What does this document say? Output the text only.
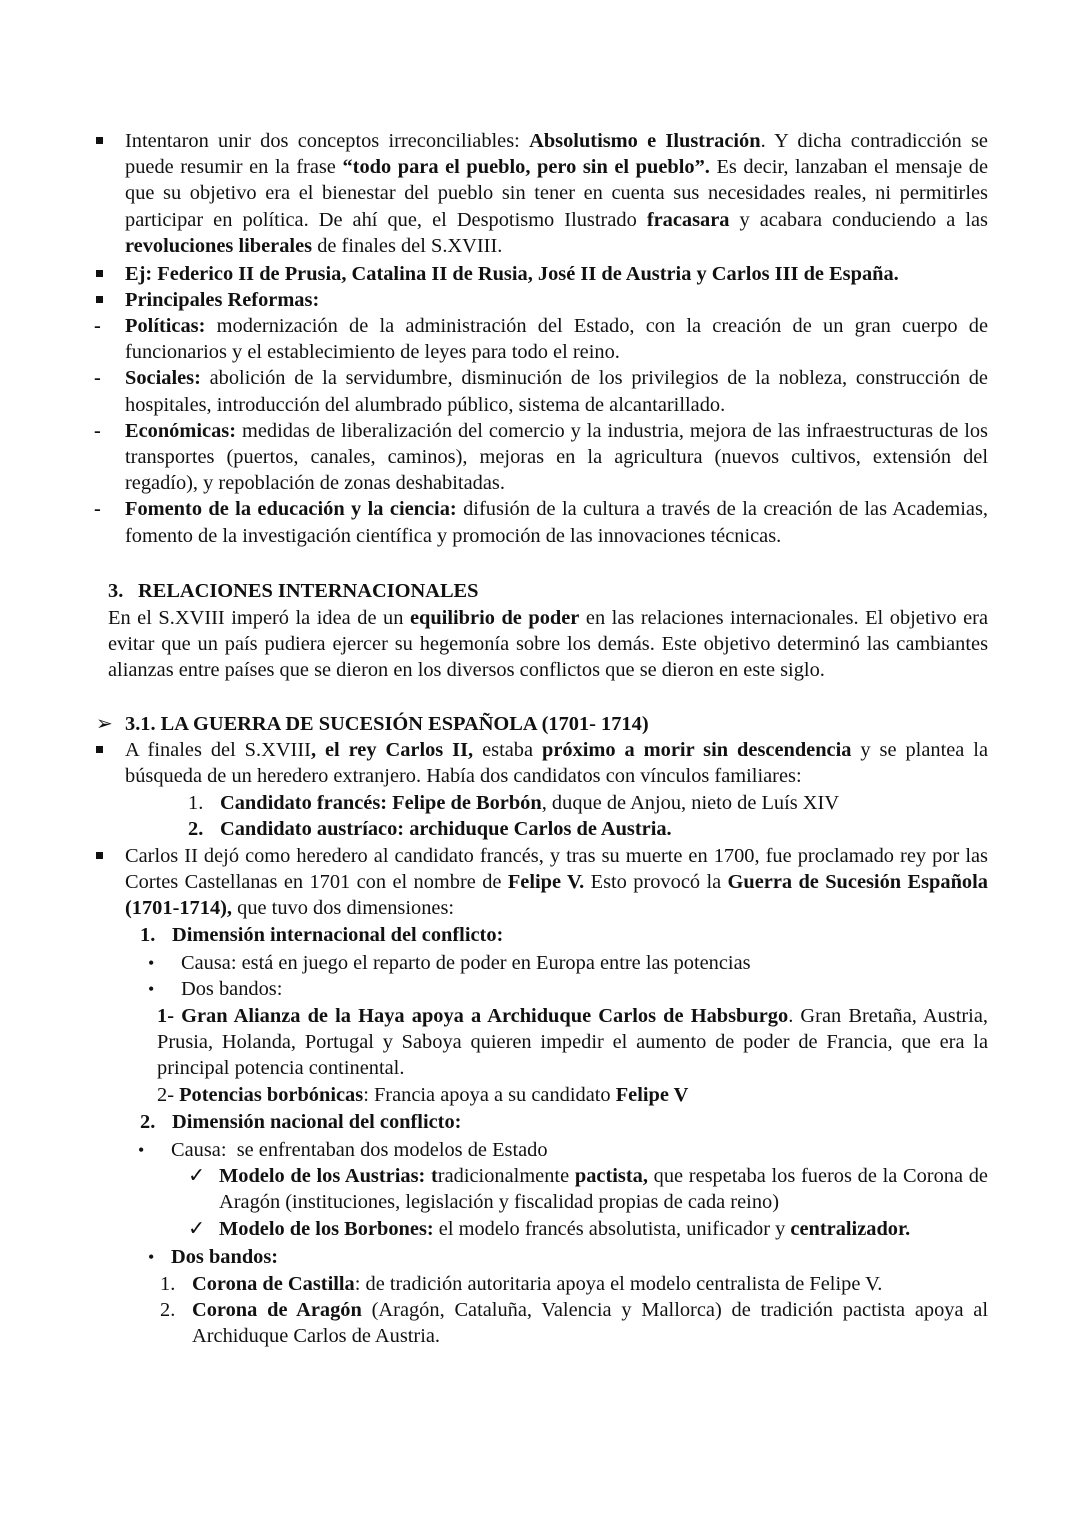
Intentaron unir dos conceptos irreconciliables: Absolutismo e Ilustración. Y dicha contradicción se puede resumir en la frase “todo para el pueblo, pero sin el pueblo”. Es decir, lanzaban el mensaje de que su objetivo era el bienestar del pueblo sin tener en cuenta sus necesidades reales, ni permitirles participar en política. De ahí que, el Despotismo Ilustrado fracasara y acabara conduciendo a las revoluciones liberales de finales del S.XVIII.
Ej: Federico II de Prusia, Catalina II de Rusia, José II de Austria y Carlos III de España.
Principales Reformas:
- Políticas: modernización de la administración del Estado, con la creación de un gran cuerpo de funcionarios y el establecimiento de leyes para todo el reino.
- Sociales: abolición de la servidumbre, disminución de los privilegios de la nobleza, construcción de hospitales, introducción del alumbrado público, sistema de alcantarillado.
- Económicas: medidas de liberalización del comercio y la industria, mejora de las infraestructuras de los transportes (puertos, canales, caminos), mejoras en la agricultura (nuevos cultivos, extensión del regadío), y repoblación de zonas deshabitadas.
- Fomento de la educación y la ciencia: difusión de la cultura a través de la creación de las Academias, fomento de la investigación científica y promoción de las innovaciones técnicas.
3. RELACIONES INTERNACIONALES
En el S.XVIII imperó la idea de un equilibrio de poder en las relaciones internacionales. El objetivo era evitar que un país pudiera ejercer su hegemonía sobre los demás. Este objetivo determinó las cambiantes alianzas entre países que se dieron en los diversos conflictos que se dieron en este siglo.
➢ 3.1. LA GUERRA DE SUCESIÓN ESPAÑOLA (1701- 1714)
A finales del S.XVIII, el rey Carlos II, estaba próximo a morir sin descendencia y se plantea la búsqueda de un heredero extranjero. Había dos candidatos con vínculos familiares:
1. Candidato francés: Felipe de Borbón, duque de Anjou, nieto de Luís XIV
2. Candidato austríaco: archiduque Carlos de Austria.
Carlos II dejó como heredero al candidato francés, y tras su muerte en 1700, fue proclamado rey por las Cortes Castellanas en 1701 con el nombre de Felipe V. Esto provocó la Guerra de Sucesión Española (1701-1714), que tuvo dos dimensiones:
1. Dimensión internacional del conflicto:
• Causa: está en juego el reparto de poder en Europa entre las potencias
• Dos bandos:
1- Gran Alianza de la Haya apoya a Archiduque Carlos de Habsburgo. Gran Bretaña, Austria, Prusia, Holanda, Portugal y Saboya quieren impedir el aumento de poder de Francia, que era la principal potencia continental.
2- Potencias borbónicas: Francia apoya a su candidato Felipe V
2. Dimensión nacional del conflicto:
• Causa:  se enfrentaban dos modelos de Estado
✓ Modelo de los Austrias: tradicionalmente pactista, que respetaba los fueros de la Corona de Aragón (instituciones, legislación y fiscalidad propias de cada reino)
✓ Modelo de los Borbones: el modelo francés absolutista, unificador y centralizador.
• Dos bandos:
1. Corona de Castilla: de tradición autoritaria apoya el modelo centralista de Felipe V.
2. Corona de Aragón (Aragón, Cataluña, Valencia y Mallorca) de tradición pactista apoya al Archiduque Carlos de Austria.
